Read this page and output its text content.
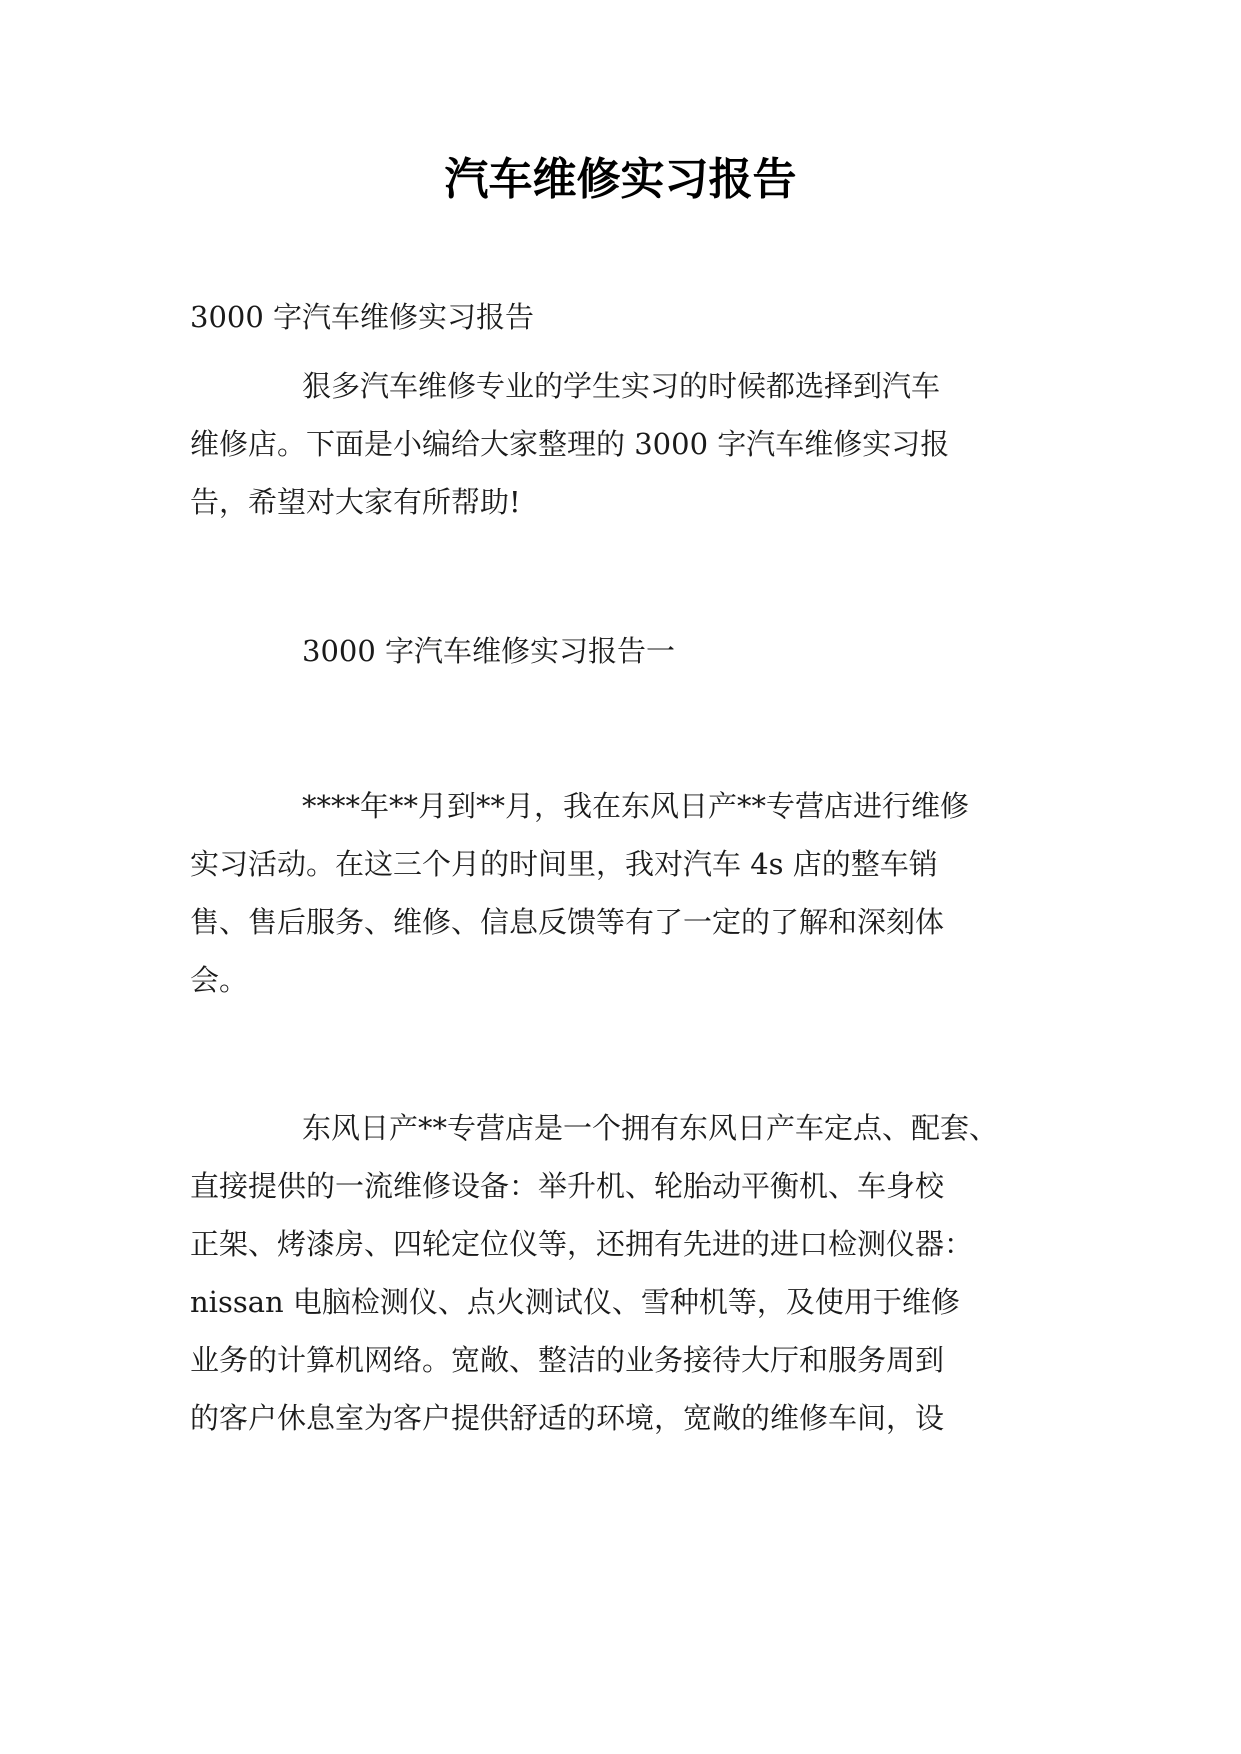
汽车维修实习报告
3000 字汽车维修实习报告
狠多汽车维修专业的学生实习的时候都选择到汽车
维修店。下面是小编给大家整理的 3000 字汽车维修实习报
告，希望对大家有所帮助!
3000 字汽车维修实习报告一
****年**月到**月，我在东风日产**专营店进行维修
实习活动。在这三个月的时间里，我对汽车 4s 店的整车销
售、售后服务、维修、信息反馈等有了一定的了解和深刻体
会。
东风日产**专营店是一个拥有东风日产车定点、配套、
直接提供的一流维修设备：举升机、轮胎动平衡机、车身校
正架、烤漆房、四轮定位仪等，还拥有先进的进口检测仪器：
nissan 电脑检测仪、点火测试仪、雪种机等，及使用于维修
业务的计算机网络。宽敞、整洁的业务接待大厅和服务周到
的客户休息室为客户提供舒适的环境，宽敞的维修车间，设
